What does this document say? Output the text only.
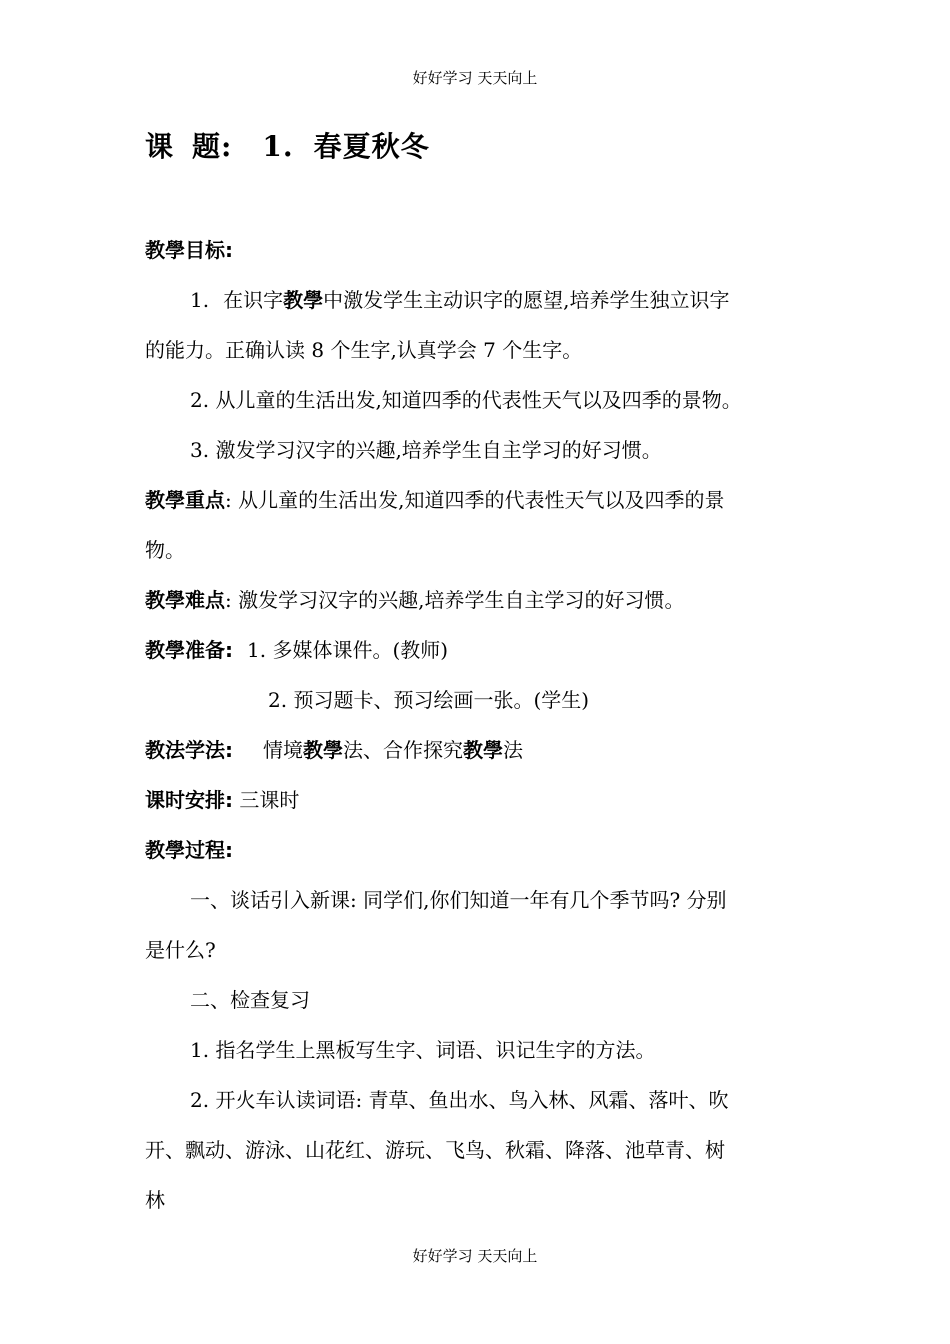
好好学习 天天向上
课 题: 1. 春夏秋冬
教學目标:
1. 在识字教學中激发学生主动识字的愿望,培养学生独立识字
的能力。正确认读 8 个生字,认真学会 7 个生字。
2. 从儿童的生活出发,知道四季的代表性天气以及四季的景物。
3. 激发学习汉字的兴趣,培养学生自主学习的好习惯。
教學重点: 从儿童的生活出发,知道四季的代表性天气以及四季的景
物。
教學难点: 激发学习汉字的兴趣,培养学生自主学习的好习惯。
教學准备: 1. 多媒体课件。(教师)
2. 预习题卡、预习绘画一张。(学生)
教法学法: 情境教學法、合作探究教學法
课时安排: 三课时
教學过程:
一、谈话引入新课: 同学们,你们知道一年有几个季节吗? 分别
是什么?
二、检查复习
1. 指名学生上黑板写生字、词语、识记生字的方法。
2. 开火车认读词语: 青草、鱼出水、鸟入林、风霜、落叶、吹
开、飘动、游泳、山花红、游玩、飞鸟、秋霜、降落、池草青、树
林
好好学习 天天向上
